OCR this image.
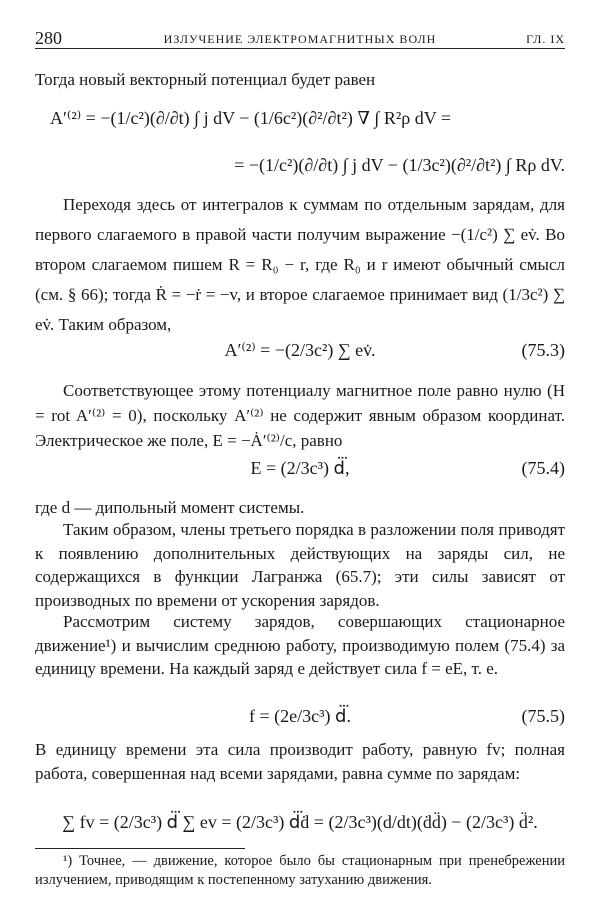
280	ИЗЛУЧЕНИЕ ЭЛЕКТРОМАГНИТНЫХ ВОЛН	ГЛ. IX

Тогда новый векторный потенциал будет равен

A′⁽²⁾ = −(1/c²)(∂/∂t) ∫ j dV − (1/6c²)(∂²/∂t²) ∇ ∫ R²ρ dV =
= −(1/c²)(∂/∂t) ∫ j dV − (1/3c²)(∂²/∂t²) ∫ Rρ dV.

Переходя здесь от интегралов к суммам по отдельным зарядам, для первого слагаемого в правой части получим выражение −(1/c²) ∑ ev̇. Во втором слагаемом пишем R = R₀ − r, где R₀ и r имеют обычный смысл (см. § 66); тогда Ṙ = −ṙ = −v, и второе слагаемое принимает вид (1/3c²) ∑ ev̇. Таким образом,

A′⁽²⁾ = −(2/3c²) ∑ ev̇.	(75.3)

Соответствующее этому потенциалу магнитное поле равно нулю (H = rot A′⁽²⁾ = 0), поскольку A′⁽²⁾ не содержит явным образом координат. Электрическое же поле, E = −Ȧ′⁽²⁾/c, равно

E = (2/3c³) d⃛,	(75.4)

где d — дипольный момент системы.

Таким образом, члены третьего порядка в разложении поля приводят к появлению дополнительных действующих на заряды сил, не содержащихся в функции Лагранжа (65.7); эти силы зависят от производных по времени от ускорения зарядов.

Рассмотрим систему зарядов, совершающих стационарное движение¹) и вычислим среднюю работу, производимую полем (75.4) за единицу времени. На каждый заряд e действует сила f = eE, т. е.

f = (2e/3c³) d⃛.	(75.5)

В единицу времени эта сила производит работу, равную fv; полная работа, совершенная над всеми зарядами, равна сумме по зарядам:

∑ fv = (2/3c³) d⃛ ∑ ev = (2/3c³) d⃛ḋ = (2/3c³)(d/dt)(ḋd̈) − (2/3c³) d̈².

¹) Точнее, — движение, которое было бы стационарным при пренебрежении излучением, приводящим к постепенному затуханию движения.
